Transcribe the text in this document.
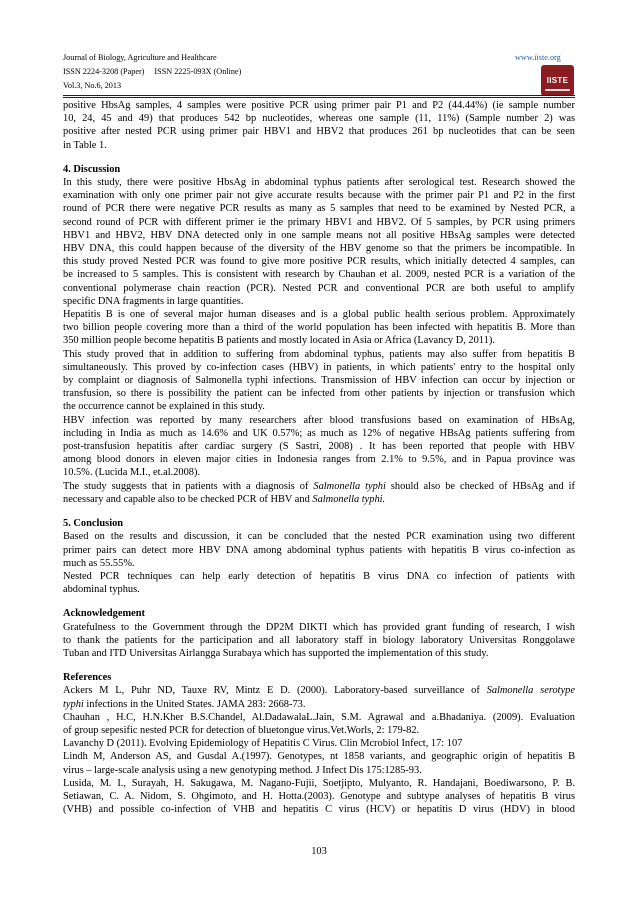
Journal of Biology, Agriculture and Healthcare
ISSN 2224-3208 (Paper) ISSN 2225-093X (Online)
Vol.3, No.6, 2013
www.iiste.org
IISTE
positive HbsAg samples, 4 samples were positive PCR using primer pair P1 and P2 (44.44%) (ie sample number
10, 24, 45 and 49) that produces 542 bp nucleotides, whereas one sample (11, 11%) (Sample number 2) was
positive after nested PCR using primer pair HBV1 and HBV2 that produces 261 bp nucleotides that can be seen
in Table 1.
4. Discussion
In this study, there were positive HbsAg in abdominal typhus patients after serological test. Research showed the
examination with only one primer pair not give accurate results because with the primer pair P1 and P2 in the first
round of PCR there were negative PCR results as many as 5 samples that need to be examined by Nested PCR, a
second round of PCR with different primer ie the primary HBV1 and HBV2. Of 5 samples, by PCR using primers
HBV1 and HBV2, HBV DNA detected only in one sample means not all positive HBsAg samples were detected
HBV DNA, this could happen because of the diversity of the HBV genome so that the primers be incompatible. In
this study proved Nested PCR was found to give more positive PCR results, which initially detected 4 samples, can
be increased to 5 samples. This is consistent with research by Chauhan et al. 2009, nested PCR is a variation of the
conventional polymerase chain reaction (PCR). Nested PCR and conventional PCR are both useful to amplify
specific DNA fragments in large quantities.
Hepatitis B is one of several major human diseases and is a global public health serious problem. Approximately
two billion people covering more than a third of the world population has been infected with hepatitis B. More than
350 million people become hepatitis B patients and mostly located in Asia or Africa (Lavancy D, 2011).
This study proved that in addition to suffering from abdominal typhus, patients may also suffer from hepatitis B
simultaneously. This proved by co-infection cases (HBV) in patients, in which patients' entry to the hospital only
by complaint or diagnosis of Salmonella typhi infections. Transmission of HBV infection can occur by injection or
transfusion, so there is possibility the patient can be infected from other patients by injection or transfusion which
the occurrence cannot be explained in this study.
HBV infection was reported by many researchers after blood transfusions based on examination of HBsAg,
including in India as much as 14.6% and UK 0.57%; as much as 12% of negative HBsAg patients suffering from
post-transfusion hepatitis after cardiac surgery (S Sastri, 2008) . It has been reported that people with HBV
among blood donors in eleven major cities in Indonesia ranges from 2.1% to 9.5%, and in Papua province was
10.5%. (Lucida M.I., et.al.2008).
The study suggests that in patients with a diagnosis of Salmonella typhi should also be checked of HBsAg and if
necessary and capable also to be checked PCR of HBV and Salmonella typhi.
5. Conclusion
Based on the results and discussion, it can be concluded that the nested PCR examination using two different
primer pairs can detect more HBV DNA among abdominal typhus patients with hepatitis B virus co-infection as
much as 55.55%.
Nested PCR techniques can help early detection of hepatitis B virus DNA co infection of patients with
abdominal typhus.
Acknowledgement
Gratefulness to the Government through the DP2M DIKTI which has provided grant funding of research, I wish
to thank the patients for the participation and all laboratory staff in biology laboratory Universitas Ronggolawe
Tuban and ITD Universitas Airlangga Surabaya which has supported the implementation of this study.
References
Ackers M L, Puhr ND, Tauxe RV, Mintz E D. (2000). Laboratory-based surveillance of Salmonella serotype
typhi infections in the United States. JAMA 283: 2668-73.
Chauhan , H.C, H.N.Kher B.S.Chandel, Al.DadawalaL.Jain, S.M. Agrawal and a.Bhadaniya. (2009). Evaluation
of group sepesific nested PCR for detection of bluetongue virus.Vet.Worls, 2: 179-82.
Lavanchy D (2011). Evolving Epidemiology of Hepatitis C Virus. Clin Mcrobiol Infect, 17: 107
Lindh M, Anderson AS, and Gusdal A.(1997). Genotypes, nt 1858 variants, and geographic origin of hepatitis B
virus – large-scale analysis using a new genotyping method. J Infect Dis 175:1285-93.
Lusida, M. I., Surayah, H. Sakugawa, M. Nagano-Fujii, Soetjipto, Mulyanto, R. Handajani, Boediwarsono, P. B.
Setiawan, C. A. Nidom, S. Ohgimoto, and H. Hotta.(2003). Genotype and subtype analyses of hepatitis B virus
(VHB) and possible co-infection of VHB and hepatitis C virus (HCV) or hepatitis D virus (HDV) in blood
103
